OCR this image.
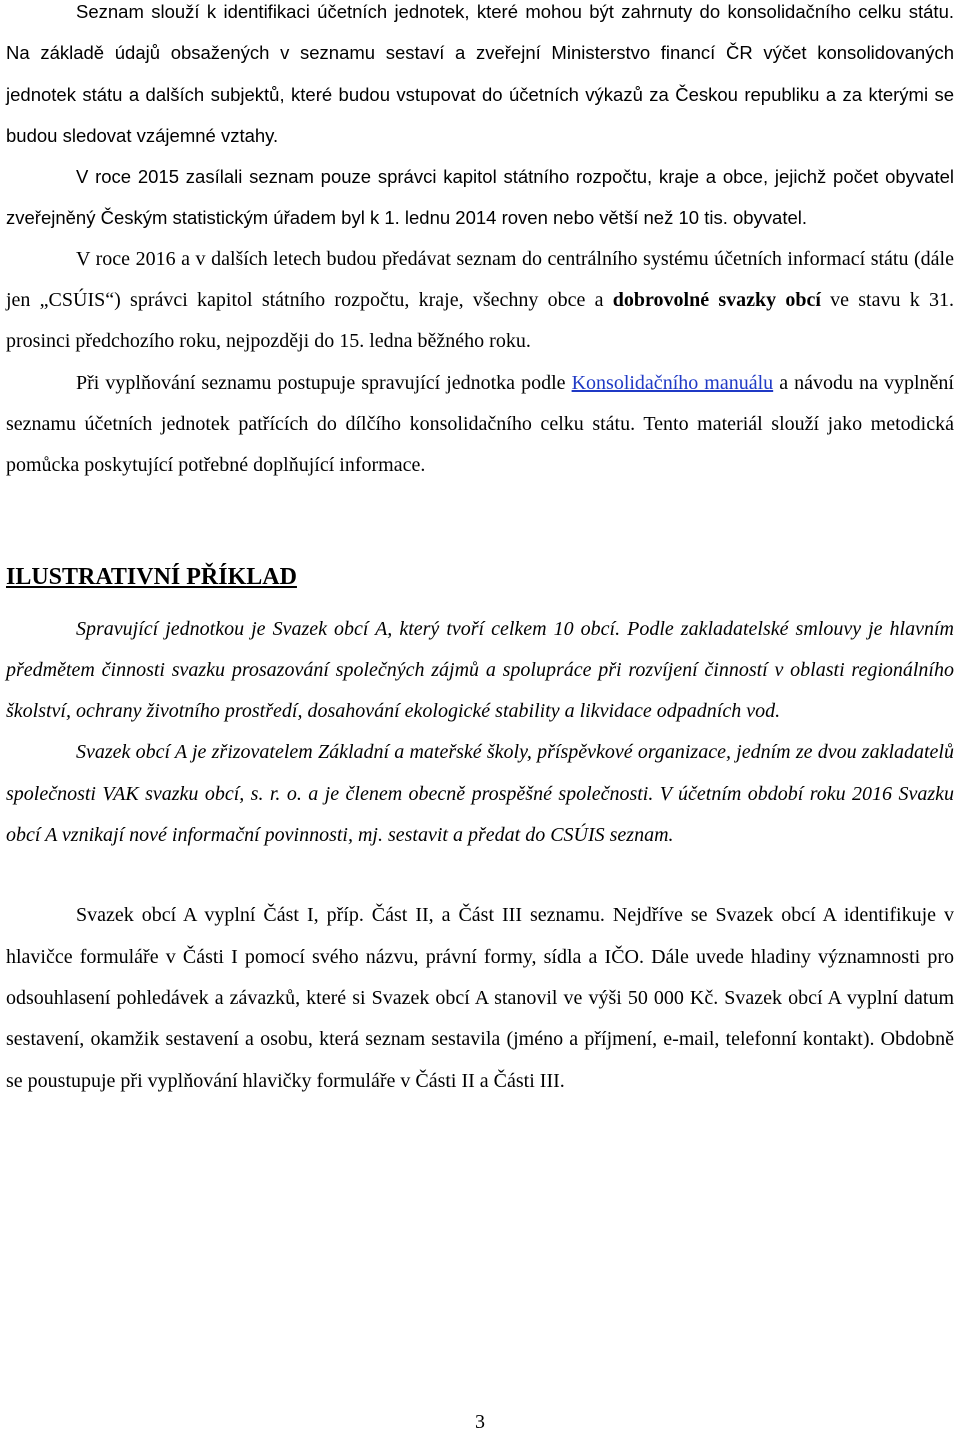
Seznam slouží k identifikaci účetních jednotek, které mohou být zahrnuty do konsolidačního celku státu. Na základě údajů obsažených v seznamu sestaví a zveřejní Ministerstvo financí ČR výčet konsolidovaných jednotek státu a dalších subjektů, které budou vstupovat do účetních výkazů za Českou republiku a za kterými se budou sledovat vzájemné vztahy.

V roce 2015 zasílali seznam pouze správci kapitol státního rozpočtu, kraje a obce, jejichž počet obyvatel zveřejněný Českým statistickým úřadem byl k 1. lednu 2014 roven nebo větší než 10 tis. obyvatel.

V roce 2016 a v dalších letech budou předávat seznam do centrálního systému účetních informací státu (dále jen „CSÚIS“) správci kapitol státního rozpočtu, kraje, všechny obce a dobrovolné svazky obcí ve stavu k 31. prosinci předchozího roku, nejpozději do 15. ledna běžného roku.

Při vyplňování seznamu postupuje spravující jednotka podle Konsolidačního manuálu a návodu na vyplnění seznamu účetních jednotek patřících do dílčího konsolidačního celku státu. Tento materiál slouží jako metodická pomůcka poskytující potřebné doplňující informace.

ILUSTRATIVNÍ PŘÍKLAD

Spravující jednotkou je Svazek obcí A, který tvoří celkem 10 obcí. Podle zakladatelské smlouvy je hlavním předmětem činnosti svazku prosazování společných zájmů a spolupráce při rozvíjení činností v oblasti regionálního školství, ochrany životního prostředí, dosahování ekologické stability a likvidace odpadních vod.

Svazek obcí A je zřizovatelem Základní a mateřské školy, příspěvkové organizace, jedním ze dvou zakladatelů společnosti VAK svazku obcí, s. r. o. a je členem obecně prospěšné společnosti. V účetním období roku 2016 Svazku obcí A vznikají nové informační povinnosti, mj. sestavit a předat do CSÚIS seznam.

Svazek obcí A vyplní Část I, příp. Část II, a Část III seznamu. Nejdříve se Svazek obcí A identifikuje v hlavičce formuláře v Části I pomocí svého názvu, právní formy, sídla a IČO. Dále uvede hladiny významnosti pro odsouhlasení pohledávek a závazků, které si Svazek obcí A stanovil ve výši 50 000 Kč. Svazek obcí A vyplní datum sestavení, okamžik sestavení a osobu, která seznam sestavila (jméno a příjmení, e-mail, telefonní kontakt). Obdobně se poustupuje při vyplňování hlavičky formuláře v Části II a Části III.

3
